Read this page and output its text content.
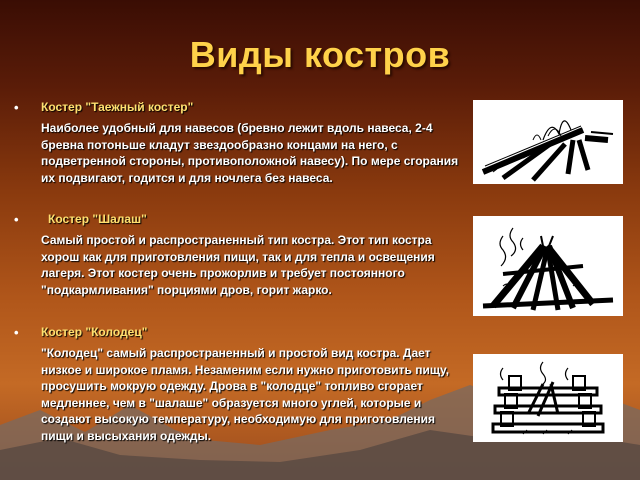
Виды костров
• Костер "Таежный костер"
Наиболее удобный для навесов (бревно лежит вдоль навеса, 2-4 бревна потоньше кладут звездообразно концами на него, с подветренной стороны, противоположной навесу). По мере сгорания их подвигают, годится и для ночлега без навеса.
• Костер "Шалаш"
Самый простой и распространенный тип костра. Этот тип костра хорош как для приготовления пищи, так и для тепла и освещения лагеря. Этот костер очень прожорлив и требует постоянного "подкармливания" порциями дров, горит жарко.
• Костер "Колодец"
"Колодец" самый распространенный и простой вид костра. Дает низкое и широкое пламя. Незаменим если нужно приготовить пищу, просушить мокрую одежду. Дрова в "колодце" топливо сгорает медленнее, чем в "шалаше" образуется много углей, которые и создают высокую температуру, необходимую для приготовления пищи и высыхания одежды.
